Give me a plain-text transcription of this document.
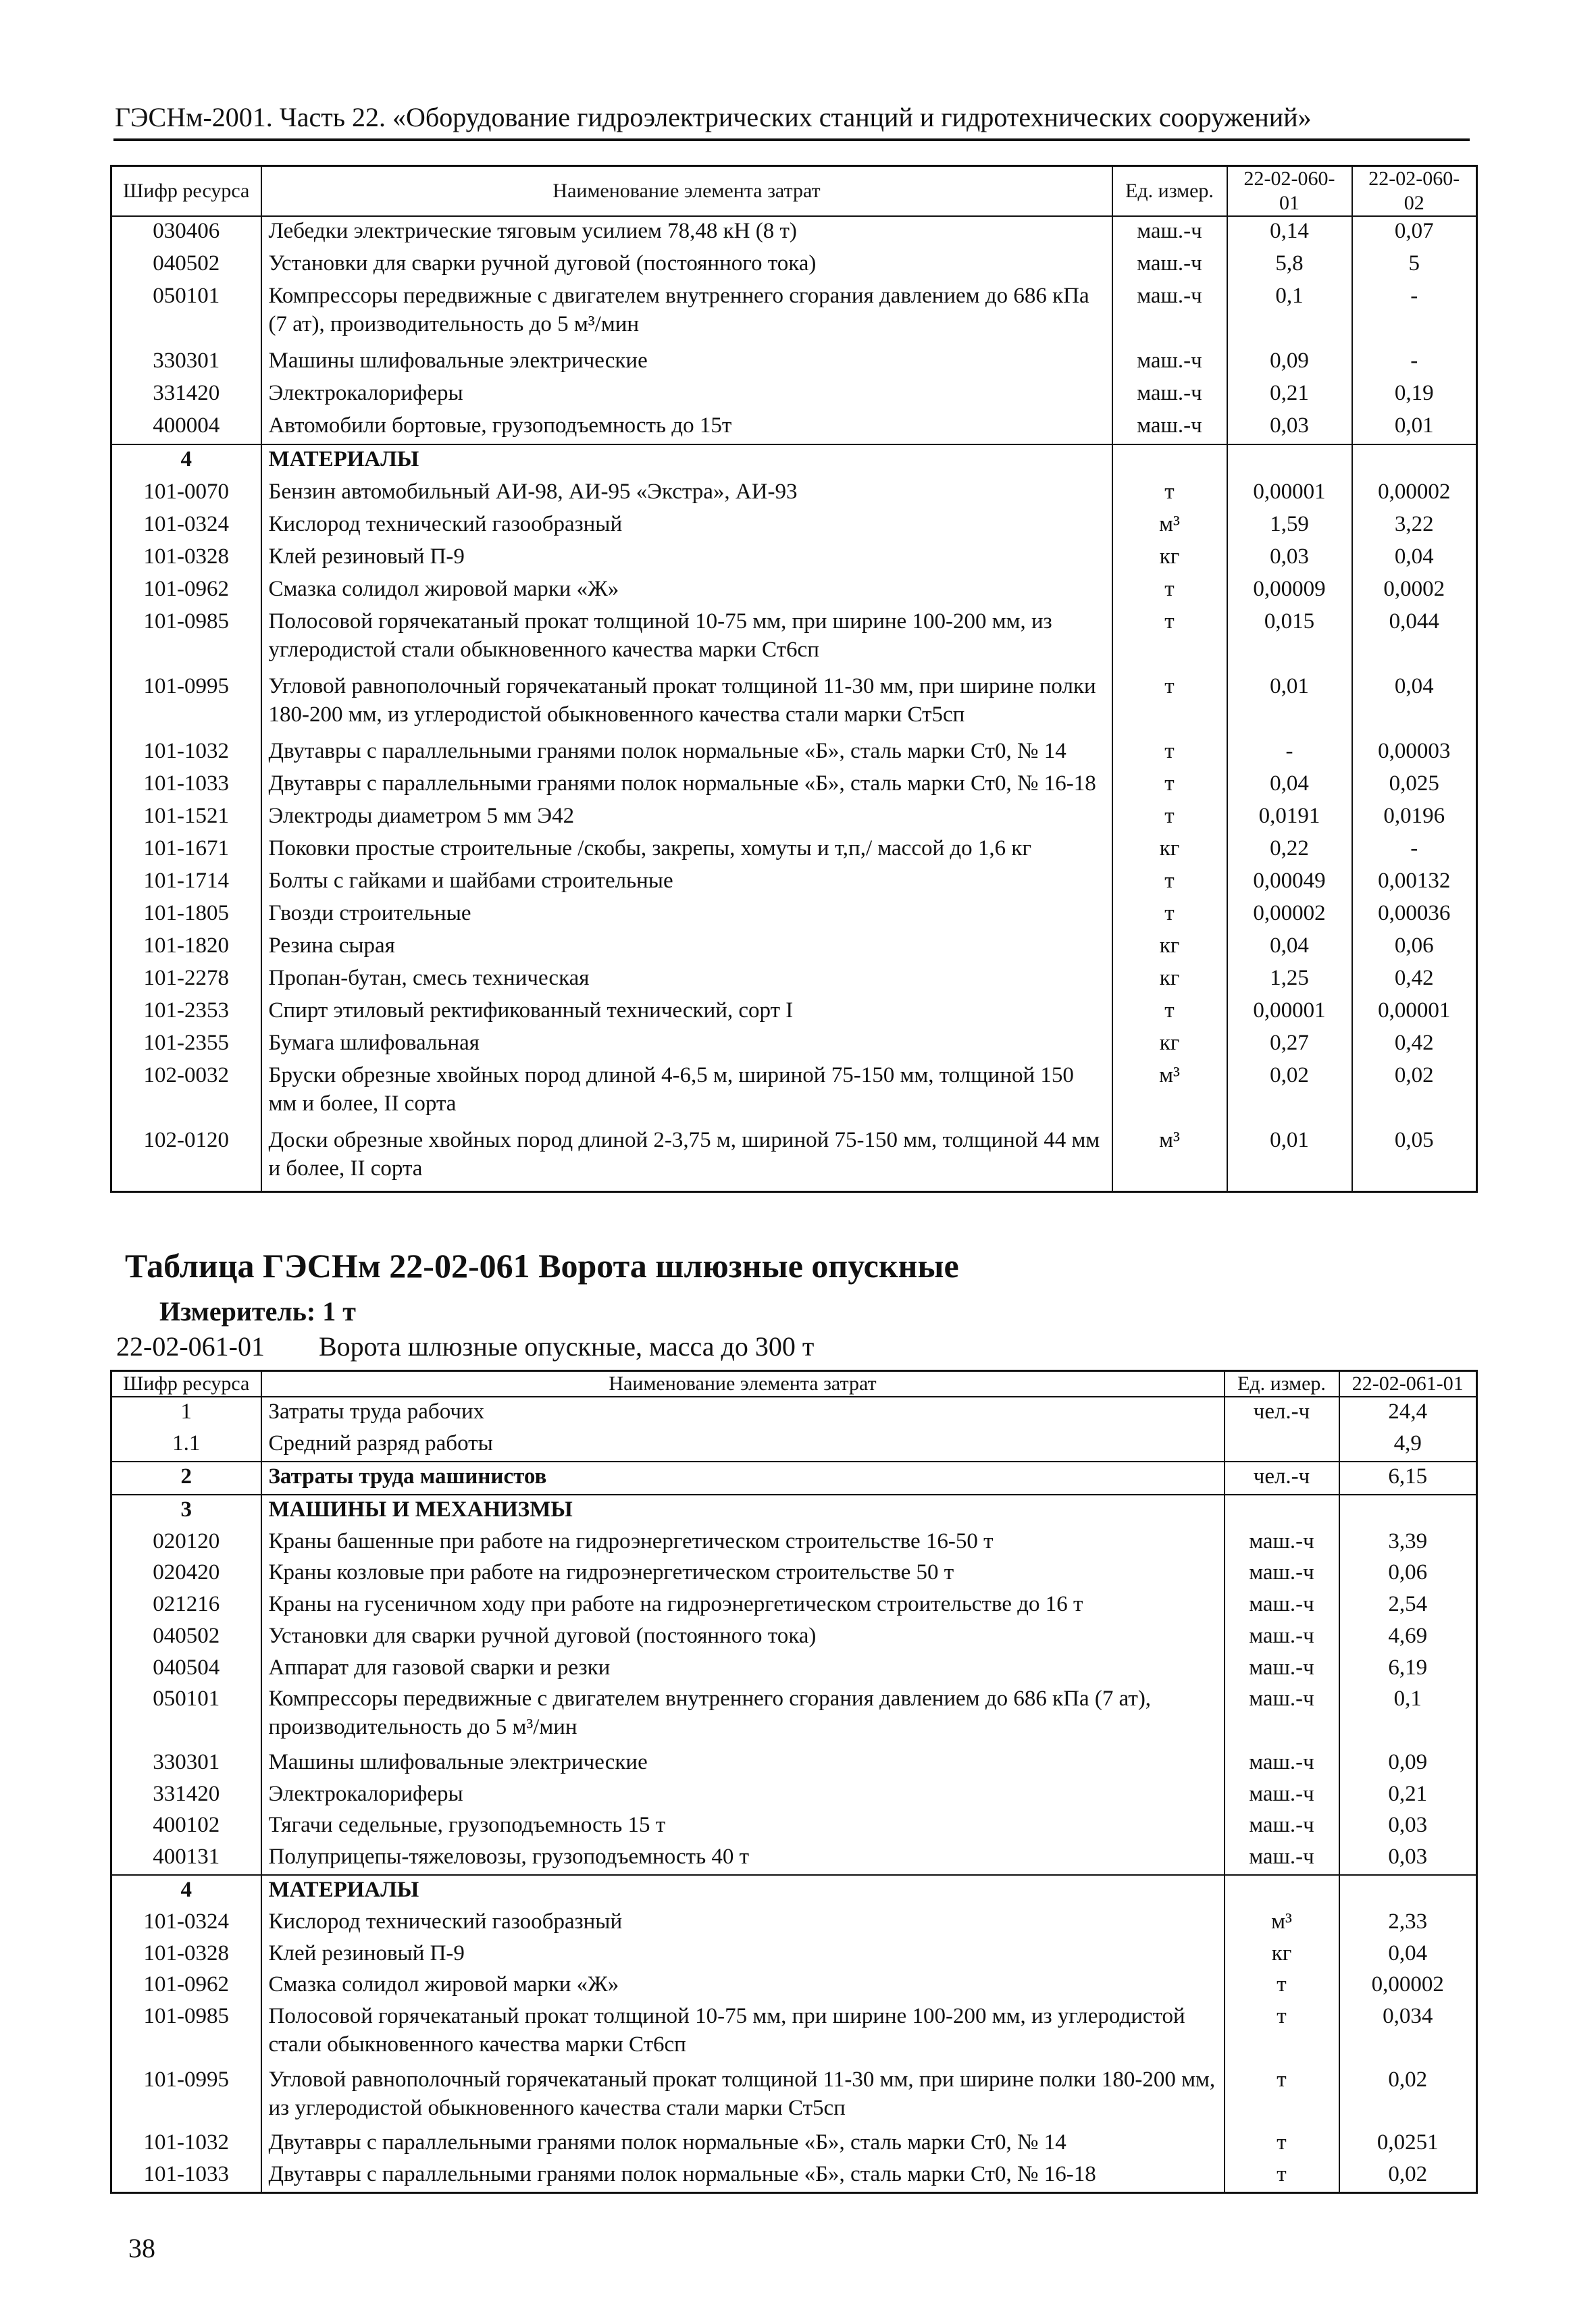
ГЭСНм-2001. Часть 22. «Оборудование гидроэлектрических станций и гидротехнических сооружений»
Шифр ресурса	Наименование элемента затрат	Ед. измер.	22-02-060-01	22-02-060-02
030406	Лебедки электрические тяговым усилием 78,48 кН (8 т)	маш.-ч	0,14	0,07
040502	Установки для сварки ручной дуговой (постоянного тока)	маш.-ч	5,8	5
050101	Компрессоры передвижные с двигателем внутреннего сгорания давлением до 686 кПа (7 ат), производительность до 5 м³/мин	маш.-ч	0,1	-
330301	Машины шлифовальные электрические	маш.-ч	0,09	-
331420	Электрокалориферы	маш.-ч	0,21	0,19
400004	Автомобили бортовые, грузоподъемность до 15т	маш.-ч	0,03	0,01
4	МАТЕРИАЛЫ			
101-0070	Бензин автомобильный АИ-98, АИ-95 «Экстра», АИ-93	т	0,00001	0,00002
101-0324	Кислород технический газообразный	м³	1,59	3,22
101-0328	Клей резиновый П-9	кг	0,03	0,04
101-0962	Смазка солидол жировой марки «Ж»	т	0,00009	0,0002
101-0985	Полосовой горячекатаный прокат толщиной 10-75 мм, при ширине 100-200 мм, из углеродистой стали обыкновенного качества марки Ст6сп	т	0,015	0,044
101-0995	Угловой равнополочный горячекатаный прокат толщиной 11-30 мм, при ширине полки 180-200 мм, из углеродистой обыкновенного качества стали марки Ст5сп	т	0,01	0,04
101-1032	Двутавры с параллельными гранями полок нормальные «Б», сталь марки Ст0, № 14	т	-	0,00003
101-1033	Двутавры с параллельными гранями полок нормальные «Б», сталь марки Ст0, № 16-18	т	0,04	0,025
101-1521	Электроды диаметром 5 мм Э42	т	0,0191	0,0196
101-1671	Поковки простые строительные /скобы, закрепы, хомуты и т,п,/ массой до 1,6 кг	кг	0,22	-
101-1714	Болты с гайками и шайбами строительные	т	0,00049	0,00132
101-1805	Гвозди строительные	т	0,00002	0,00036
101-1820	Резина сырая	кг	0,04	0,06
101-2278	Пропан-бутан, смесь техническая	кг	1,25	0,42
101-2353	Спирт этиловый ректификованный технический, сорт I	т	0,00001	0,00001
101-2355	Бумага шлифовальная	кг	0,27	0,42
102-0032	Бруски обрезные хвойных пород длиной 4-6,5 м, шириной 75-150 мм, толщиной 150 мм и более, II сорта	м³	0,02	0,02
102-0120	Доски обрезные хвойных пород длиной 2-3,75 м, шириной 75-150 мм, толщиной 44 мм и более, II сорта	м³	0,01	0,05
Таблица ГЭСНм 22-02-061 Ворота шлюзные опускные
Измеритель: 1 т
22-02-061-01 Ворота шлюзные опускные, масса до 300 т
Шифр ресурса	Наименование элемента затрат	Ед. измер.	22-02-061-01
1	Затраты труда рабочих	чел.-ч	24,4
1.1	Средний разряд работы		4,9
2	Затраты труда машинистов	чел.-ч	6,15
3	МАШИНЫ И МЕХАНИЗМЫ		
020120	Краны башенные при работе на гидроэнергетическом строительстве 16-50 т	маш.-ч	3,39
020420	Краны козловые при работе на гидроэнергетическом строительстве 50 т	маш.-ч	0,06
021216	Краны на гусеничном ходу при работе на гидроэнергетическом строительстве до 16 т	маш.-ч	2,54
040502	Установки для сварки ручной дуговой (постоянного тока)	маш.-ч	4,69
040504	Аппарат для газовой сварки и резки	маш.-ч	6,19
050101	Компрессоры передвижные с двигателем внутреннего сгорания давлением до 686 кПа (7 ат), производительность до 5 м³/мин	маш.-ч	0,1
330301	Машины шлифовальные электрические	маш.-ч	0,09
331420	Электрокалориферы	маш.-ч	0,21
400102	Тягачи седельные, грузоподъемность 15 т	маш.-ч	0,03
400131	Полуприцепы-тяжеловозы, грузоподъемность 40 т	маш.-ч	0,03
4	МАТЕРИАЛЫ		
101-0324	Кислород технический газообразный	м³	2,33
101-0328	Клей резиновый П-9	кг	0,04
101-0962	Смазка солидол жировой марки «Ж»	т	0,00002
101-0985	Полосовой горячекатаный прокат толщиной 10-75 мм, при ширине 100-200 мм, из углеродистой стали обыкновенного качества марки Ст6сп	т	0,034
101-0995	Угловой равнополочный горячекатаный прокат толщиной 11-30 мм, при ширине полки 180-200 мм, из углеродистой обыкновенного качества стали марки Ст5сп	т	0,02
101-1032	Двутавры с параллельными гранями полок нормальные «Б», сталь марки Ст0, № 14	т	0,0251
101-1033	Двутавры с параллельными гранями полок нормальные «Б», сталь марки Ст0, № 16-18	т	0,02
38
